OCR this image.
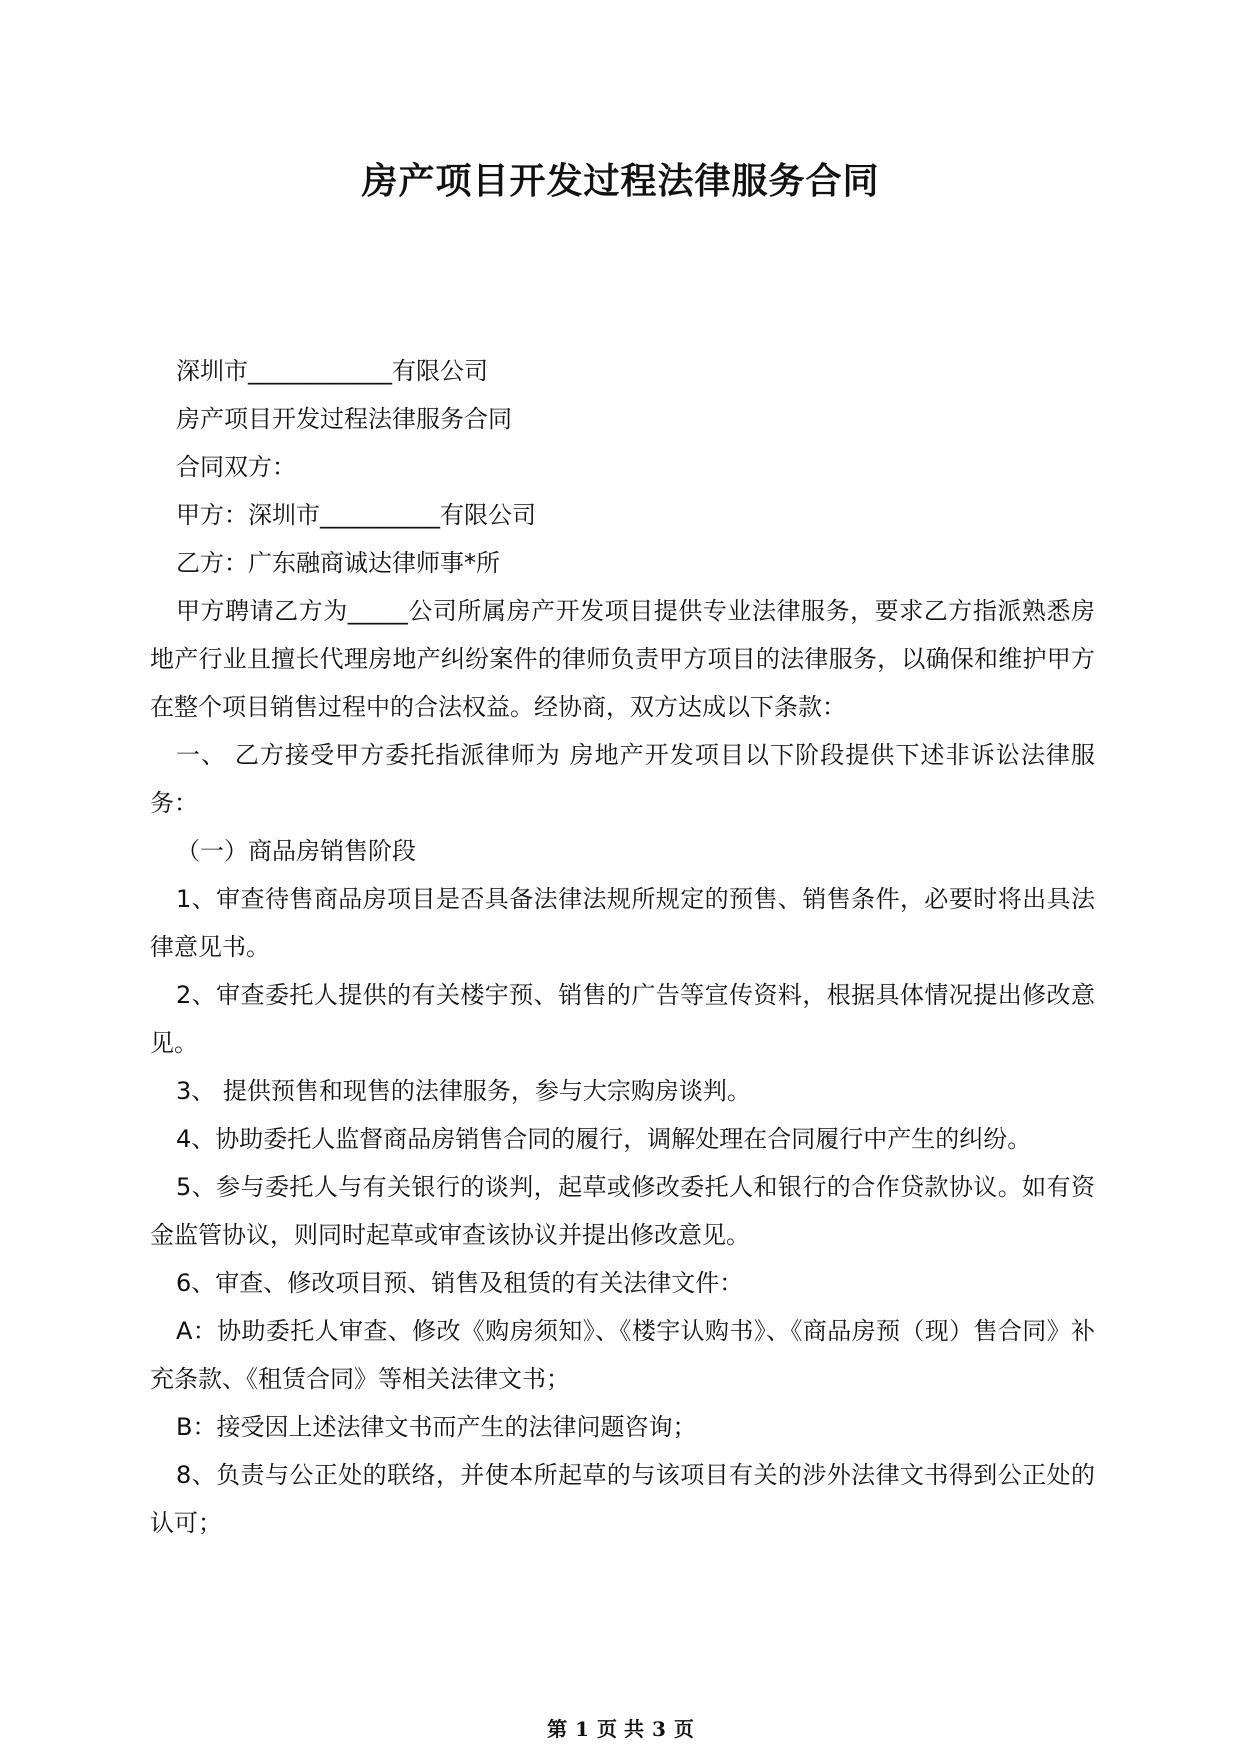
房产项目开发过程法律服务合同

深圳市____________有限公司

房产项目开发过程法律服务合同

合同双方：

甲方：深圳市__________有限公司

乙方：广东融商诚达律师事*所

甲方聘请乙方为_____公司所属房产开发项目提供专业法律服务，要求乙方指派熟悉房地产行业且擅长代理房地产纠纷案件的律师负责甲方项目的法律服务，以确保和维护甲方在整个项目销售过程中的合法权益。经协商，双方达成以下条款：

一、 乙方接受甲方委托指派律师为 房地产开发项目以下阶段提供下述非诉讼法律服务：

（一）商品房销售阶段

1、审查待售商品房项目是否具备法律法规所规定的预售、销售条件，必要时将出具法律意见书。

2、审查委托人提供的有关楼宇预、销售的广告等宣传资料，根据具体情况提出修改意见。

3、 提供预售和现售的法律服务，参与大宗购房谈判。

4、协助委托人监督商品房销售合同的履行，调解处理在合同履行中产生的纠纷。

5、参与委托人与有关银行的谈判，起草或修改委托人和银行的合作贷款协议。如有资金监管协议，则同时起草或审查该协议并提出修改意见。

6、审查、修改项目预、销售及租赁的有关法律文件：

A：协助委托人审查、修改《购房须知》、《楼宇认购书》、《商品房预（现）售合同》补充条款、《租赁合同》等相关法律文书；

B：接受因上述法律文书而产生的法律问题咨询；

8、负责与公正处的联络，并使本所起草的与该项目有关的涉外法律文书得到公正处的认可；

第 1 页 共 3 页
